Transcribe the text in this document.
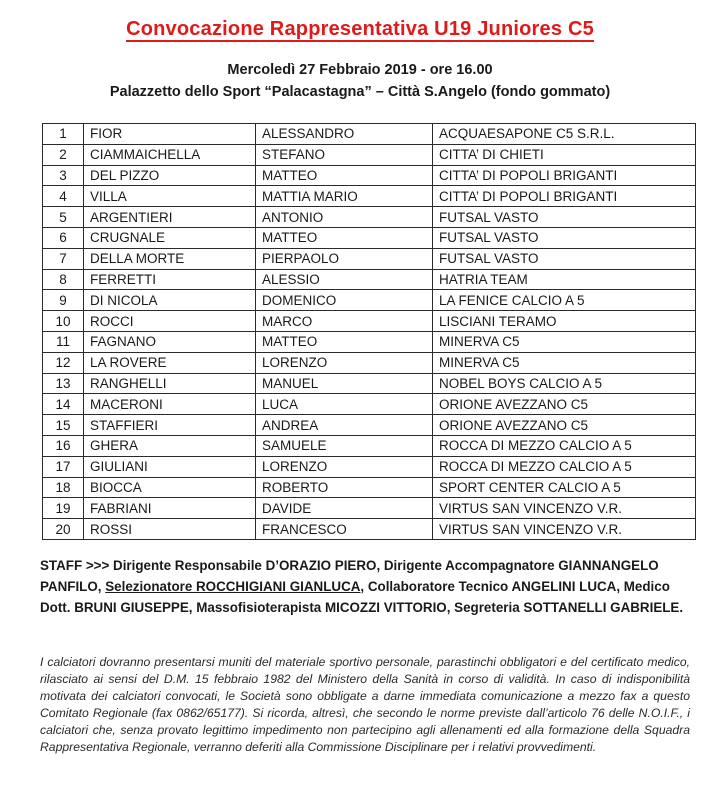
Convocazione Rappresentativa U19 Juniores C5
Mercoledì 27 Febbraio 2019 - ore 16.00
Palazzetto dello Sport “Palacastagna” – Città S.Angelo (fondo gommato)
1	FIOR	ALESSANDRO	ACQUAESAPONE C5 S.R.L.
2	CIAMMAICHELLA	STEFANO	CITTA’ DI CHIETI
3	DEL PIZZO	MATTEO	CITTA’ DI POPOLI BRIGANTI
4	VILLA	MATTIA MARIO	CITTA’ DI POPOLI BRIGANTI
5	ARGENTIERI	ANTONIO	FUTSAL VASTO
6	CRUGNALE	MATTEO	FUTSAL VASTO
7	DELLA MORTE	PIERPAOLO	FUTSAL VASTO
8	FERRETTI	ALESSIO	HATRIA TEAM
9	DI NICOLA	DOMENICO	LA FENICE CALCIO A 5
10	ROCCI	MARCO	LISCIANI TERAMO
11	FAGNANO	MATTEO	MINERVA C5
12	LA ROVERE	LORENZO	MINERVA C5
13	RANGHELLI	MANUEL	NOBEL BOYS CALCIO A 5
14	MACERONI	LUCA	ORIONE AVEZZANO C5
15	STAFFIERI	ANDREA	ORIONE AVEZZANO C5
16	GHERA	SAMUELE	ROCCA DI MEZZO CALCIO A 5
17	GIULIANI	LORENZO	ROCCA DI MEZZO CALCIO A 5
18	BIOCCA	ROBERTO	SPORT CENTER CALCIO A 5
19	FABRIANI	DAVIDE	VIRTUS SAN VINCENZO V.R.
20	ROSSI	FRANCESCO	VIRTUS SAN VINCENZO V.R.
STAFF >>> Dirigente Responsabile D’ORAZIO PIERO, Dirigente Accompagnatore GIANNANGELO PANFILO, Selezionatore ROCCHIGIANI GIANLUCA, Collaboratore Tecnico ANGELINI LUCA, Medico Dott. BRUNI GIUSEPPE, Massofisioterapista MICOZZI VITTORIO, Segreteria SOTTANELLI GABRIELE.
I calciatori dovranno presentarsi muniti del materiale sportivo personale, parastinchi obbligatori e del certificato medico, rilasciato ai sensi del D.M. 15 febbraio 1982 del Ministero della Sanità in corso di validità. In caso di indisponibilità motivata dei calciatori convocati, le Società sono obbligate a darne immediata comunicazione a mezzo fax a questo Comitato Regionale (fax 0862/65177). Si ricorda, altresì, che secondo le norme previste dall’articolo 76 delle N.O.I.F., i calciatori che, senza provato legittimo impedimento non partecipino agli allenamenti ed alla formazione della Squadra Rappresentativa Regionale, verranno deferiti alla Commissione Disciplinare per i relativi provvedimenti.
